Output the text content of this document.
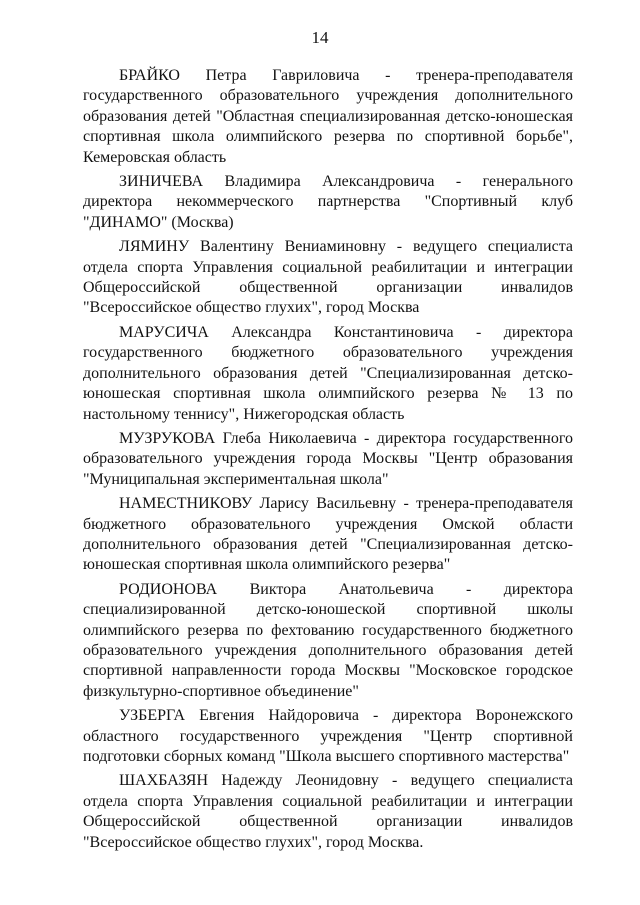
14

БРАЙКО Петра Гавриловича - тренера-преподавателя государственного образовательного учреждения дополнительного образования детей "Областная специализированная детско-юношеская спортивная школа олимпийского резерва по спортивной борьбе", Кемеровская область

ЗИНИЧЕВА Владимира Александровича - генерального директора некоммерческого партнерства "Спортивный клуб "ДИНАМО" (Москва)

ЛЯМИНУ Валентину Вениаминовну - ведущего специалиста отдела спорта Управления социальной реабилитации и интеграции Общероссийской общественной организации инвалидов "Всероссийское общество глухих", город Москва

МАРУСИЧА Александра Константиновича - директора государственного бюджетного образовательного учреждения дополнительного образования детей "Специализированная детско-юношеская спортивная школа олимпийского резерва № 13 по настольному теннису", Нижегородская область

МУЗРУКОВА Глеба Николаевича - директора государственного образовательного учреждения города Москвы "Центр образования "Муниципальная экспериментальная школа"

НАМЕСТНИКОВУ Ларису Васильевну - тренера-преподавателя бюджетного образовательного учреждения Омской области дополнительного образования детей "Специализированная детско-юношеская спортивная школа олимпийского резерва"

РОДИОНОВА Виктора Анатольевича - директора специализированной детско-юношеской спортивной школы олимпийского резерва по фехтованию государственного бюджетного образовательного учреждения дополнительного образования детей спортивной направленности города Москвы "Московское городское физкультурно-спортивное объединение"

УЗБЕРГА Евгения Найдоровича - директора Воронежского областного государственного учреждения "Центр спортивной подготовки сборных команд "Школа высшего спортивного мастерства"

ШАХБАЗЯН Надежду Леонидовну - ведущего специалиста отдела спорта Управления социальной реабилитации и интеграции Общероссийской общественной организации инвалидов "Всероссийское общество глухих", город Москва.
